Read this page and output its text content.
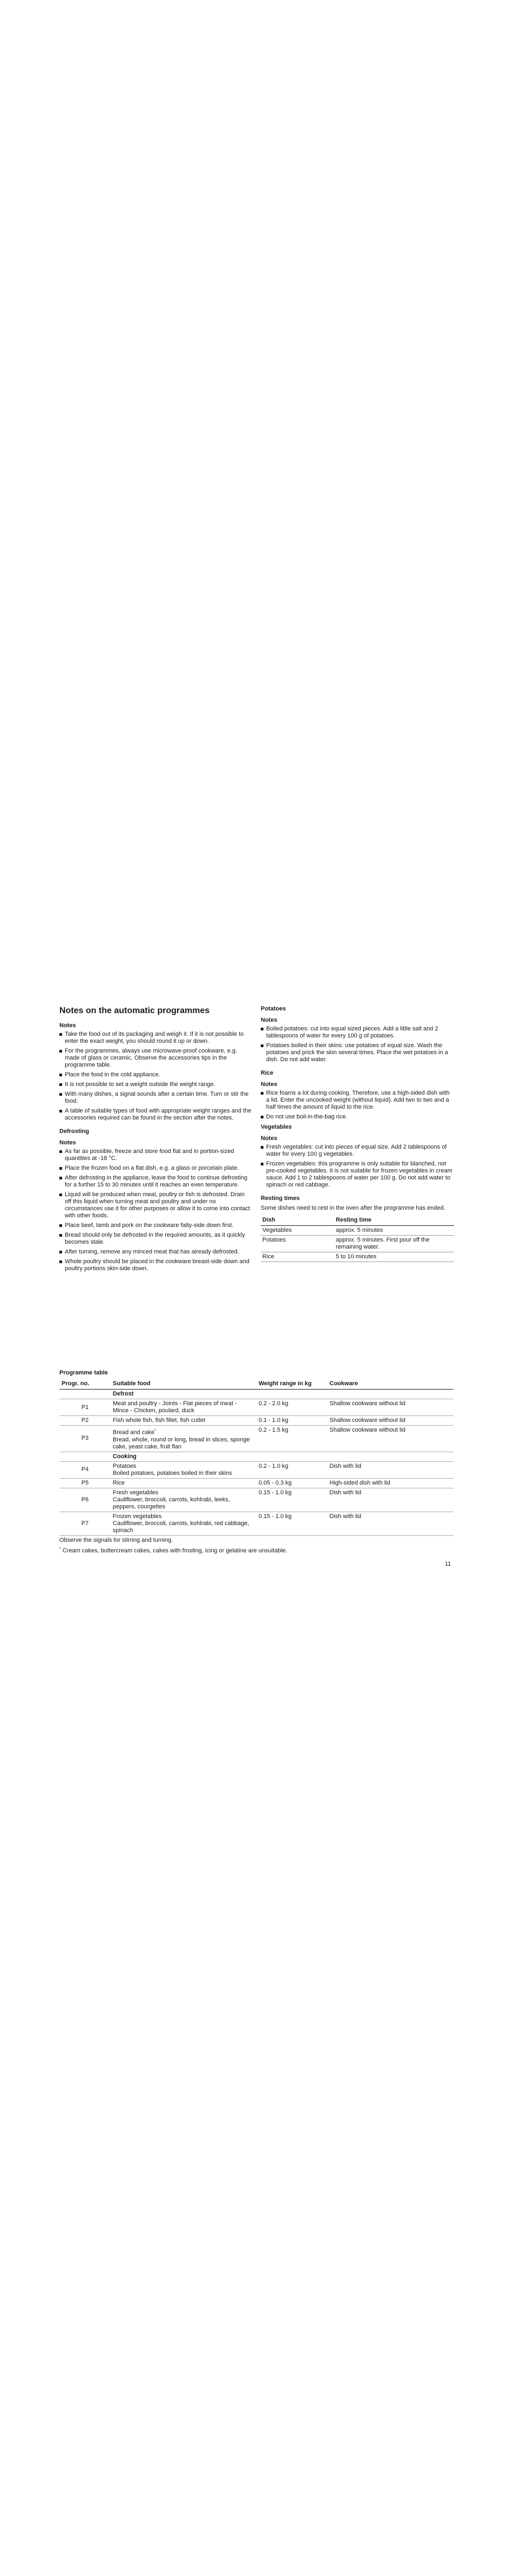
Notes on the automatic programmes
Notes
Take the food out of its packaging and weigh it. If it is not possible to enter the exact weight, you should round it up or down.
For the programmes, always use microwave-proof cookware, e.g. made of glass or ceramic. Observe the accessories tips in the programme table.
Place the food in the cold appliance.
It is not possible to set a weight outside the weight range.
With many dishes, a signal sounds after a certain time. Turn or stir the food.
A table of suitable types of food with appropriate weight ranges and the accessories required can be found in the section after the notes.
Defrosting
Notes
As far as possible, freeze and store food flat and in portion-sized quantities at -18 °C.
Place the frozen food on a flat dish, e.g. a glass or porcelain plate.
After defrosting in the appliance, leave the food to continue defrosting for a further 15 to 30 minutes until it reaches an even temperature.
Liquid will be produced when meat, poultry or fish is defrosted. Drain off this liquid when turning meat and poultry and under no circumstances use it for other purposes or allow it to come into contact with other foods.
Place beef, lamb and pork on the cookware fatty-side down first.
Bread should only be defrosted in the required amounts, as it quickly becomes stale.
After turning, remove any minced meat that has already defrosted.
Whole poultry should be placed in the cookware breast-side down and poultry portions skin-side down.
Potatoes
Notes
Boiled potatoes: cut into equal sized pieces. Add a little salt and 2 tablespoons of water for every 100 g of potatoes.
Potatoes boiled in their skins: use potatoes of equal size. Wash the potatoes and prick the skin several times. Place the wet potatoes in a dish. Do not add water.
Rice
Notes
Rice foams a lot during cooking. Therefore, use a high-sided dish with a lid. Enter the uncooked weight (without liquid). Add two to two and a half times the amount of liquid to the rice.
Do not use boil-in-the-bag rice.
Vegetables
Notes
Fresh vegetables: cut into pieces of equal size. Add 2 tablespoons of water for every 100 g vegetables.
Frozen vegetables: this programme is only suitable for blanched, not pre-cooked vegetables. It is not suitable for frozen vegetables in cream sauce. Add 1 to 2 tablespoons of water per 100 g. Do not add water to spinach or red cabbage.
Resting times

Some dishes need to rest in the oven after the programme has ended.

Dish	Resting time
Vegetables	approx. 5 minutes
Potatoes	approx. 5 minutes. First pour off the remaining water.
Rice	5 to 10 minutes
Programme table
Progr. no.	Suitable food	Weight range in kg	Cookware
	Defrost		
P1	Meat and poultry - Joints - Flat pieces of meat - Mince - Chicken, poulard, duck	0.2 - 2.0 kg	Shallow cookware without lid
P2	Fish whole fish, fish fillet, fish cutlet	0.1 - 1.0 kg	Shallow cookware without lid
P3	Bread and cake$^{^1}$
Bread, whole, round or long, bread in slices, sponge cake, yeast cake, fruit flan	0.2 - 1.5 kg	Shallow cookware without lid
	Cooking		
P4	Potatoes
Boiled potatoes, potatoes boiled in their skins	0.2 - 1.0 kg	Dish with lid
P5	Rice	0.05 - 0.3 kg	High-sided dish with lid
P6	Fresh vegetables
Cauliflower, broccoli, carrots, kohlrabi, leeks, peppers, courgettes	0.15 - 1.0 kg	Dish with lid
P7	Frozen vegetables
Cauliflower, broccoli, carrots, kohlrabi, red cabbage, spinach	0.15 - 1.0 kg	Dish with lid

Observe the signals for stirring and turning.

$^{^1}$ Cream cakes, buttercream cakes, cakes with frosting, icing or gelatine are unsuitable.

11
